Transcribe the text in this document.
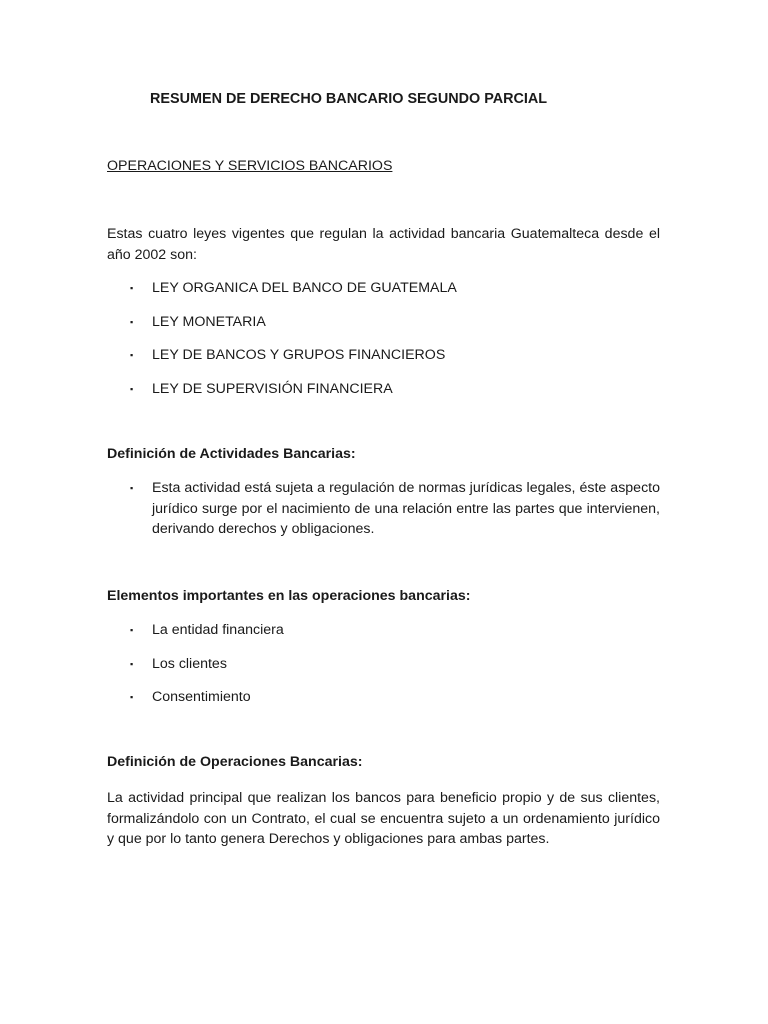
RESUMEN DE DERECHO BANCARIO SEGUNDO PARCIAL

OPERACIONES Y SERVICIOS BANCARIOS

Estas cuatro leyes vigentes que regulan la actividad bancaria Guatemalteca desde el año 2002 son:

▪ LEY ORGANICA DEL BANCO DE GUATEMALA
▪ LEY MONETARIA
▪ LEY DE BANCOS Y GRUPOS FINANCIEROS
▪ LEY DE SUPERVISIÓN FINANCIERA

Definición de Actividades Bancarias:

▪ Esta actividad está sujeta a regulación de normas jurídicas legales, éste aspecto jurídico surge por el nacimiento de una relación entre las partes que intervienen, derivando derechos y obligaciones.

Elementos importantes en las operaciones bancarias:

▪ La entidad financiera
▪ Los clientes
▪ Consentimiento

Definición de Operaciones Bancarias:

La actividad principal que realizan los bancos para beneficio propio y de sus clientes, formalizándolo con un Contrato, el cual se encuentra sujeto a un ordenamiento jurídico y que por lo tanto genera Derechos y obligaciones para ambas partes.
